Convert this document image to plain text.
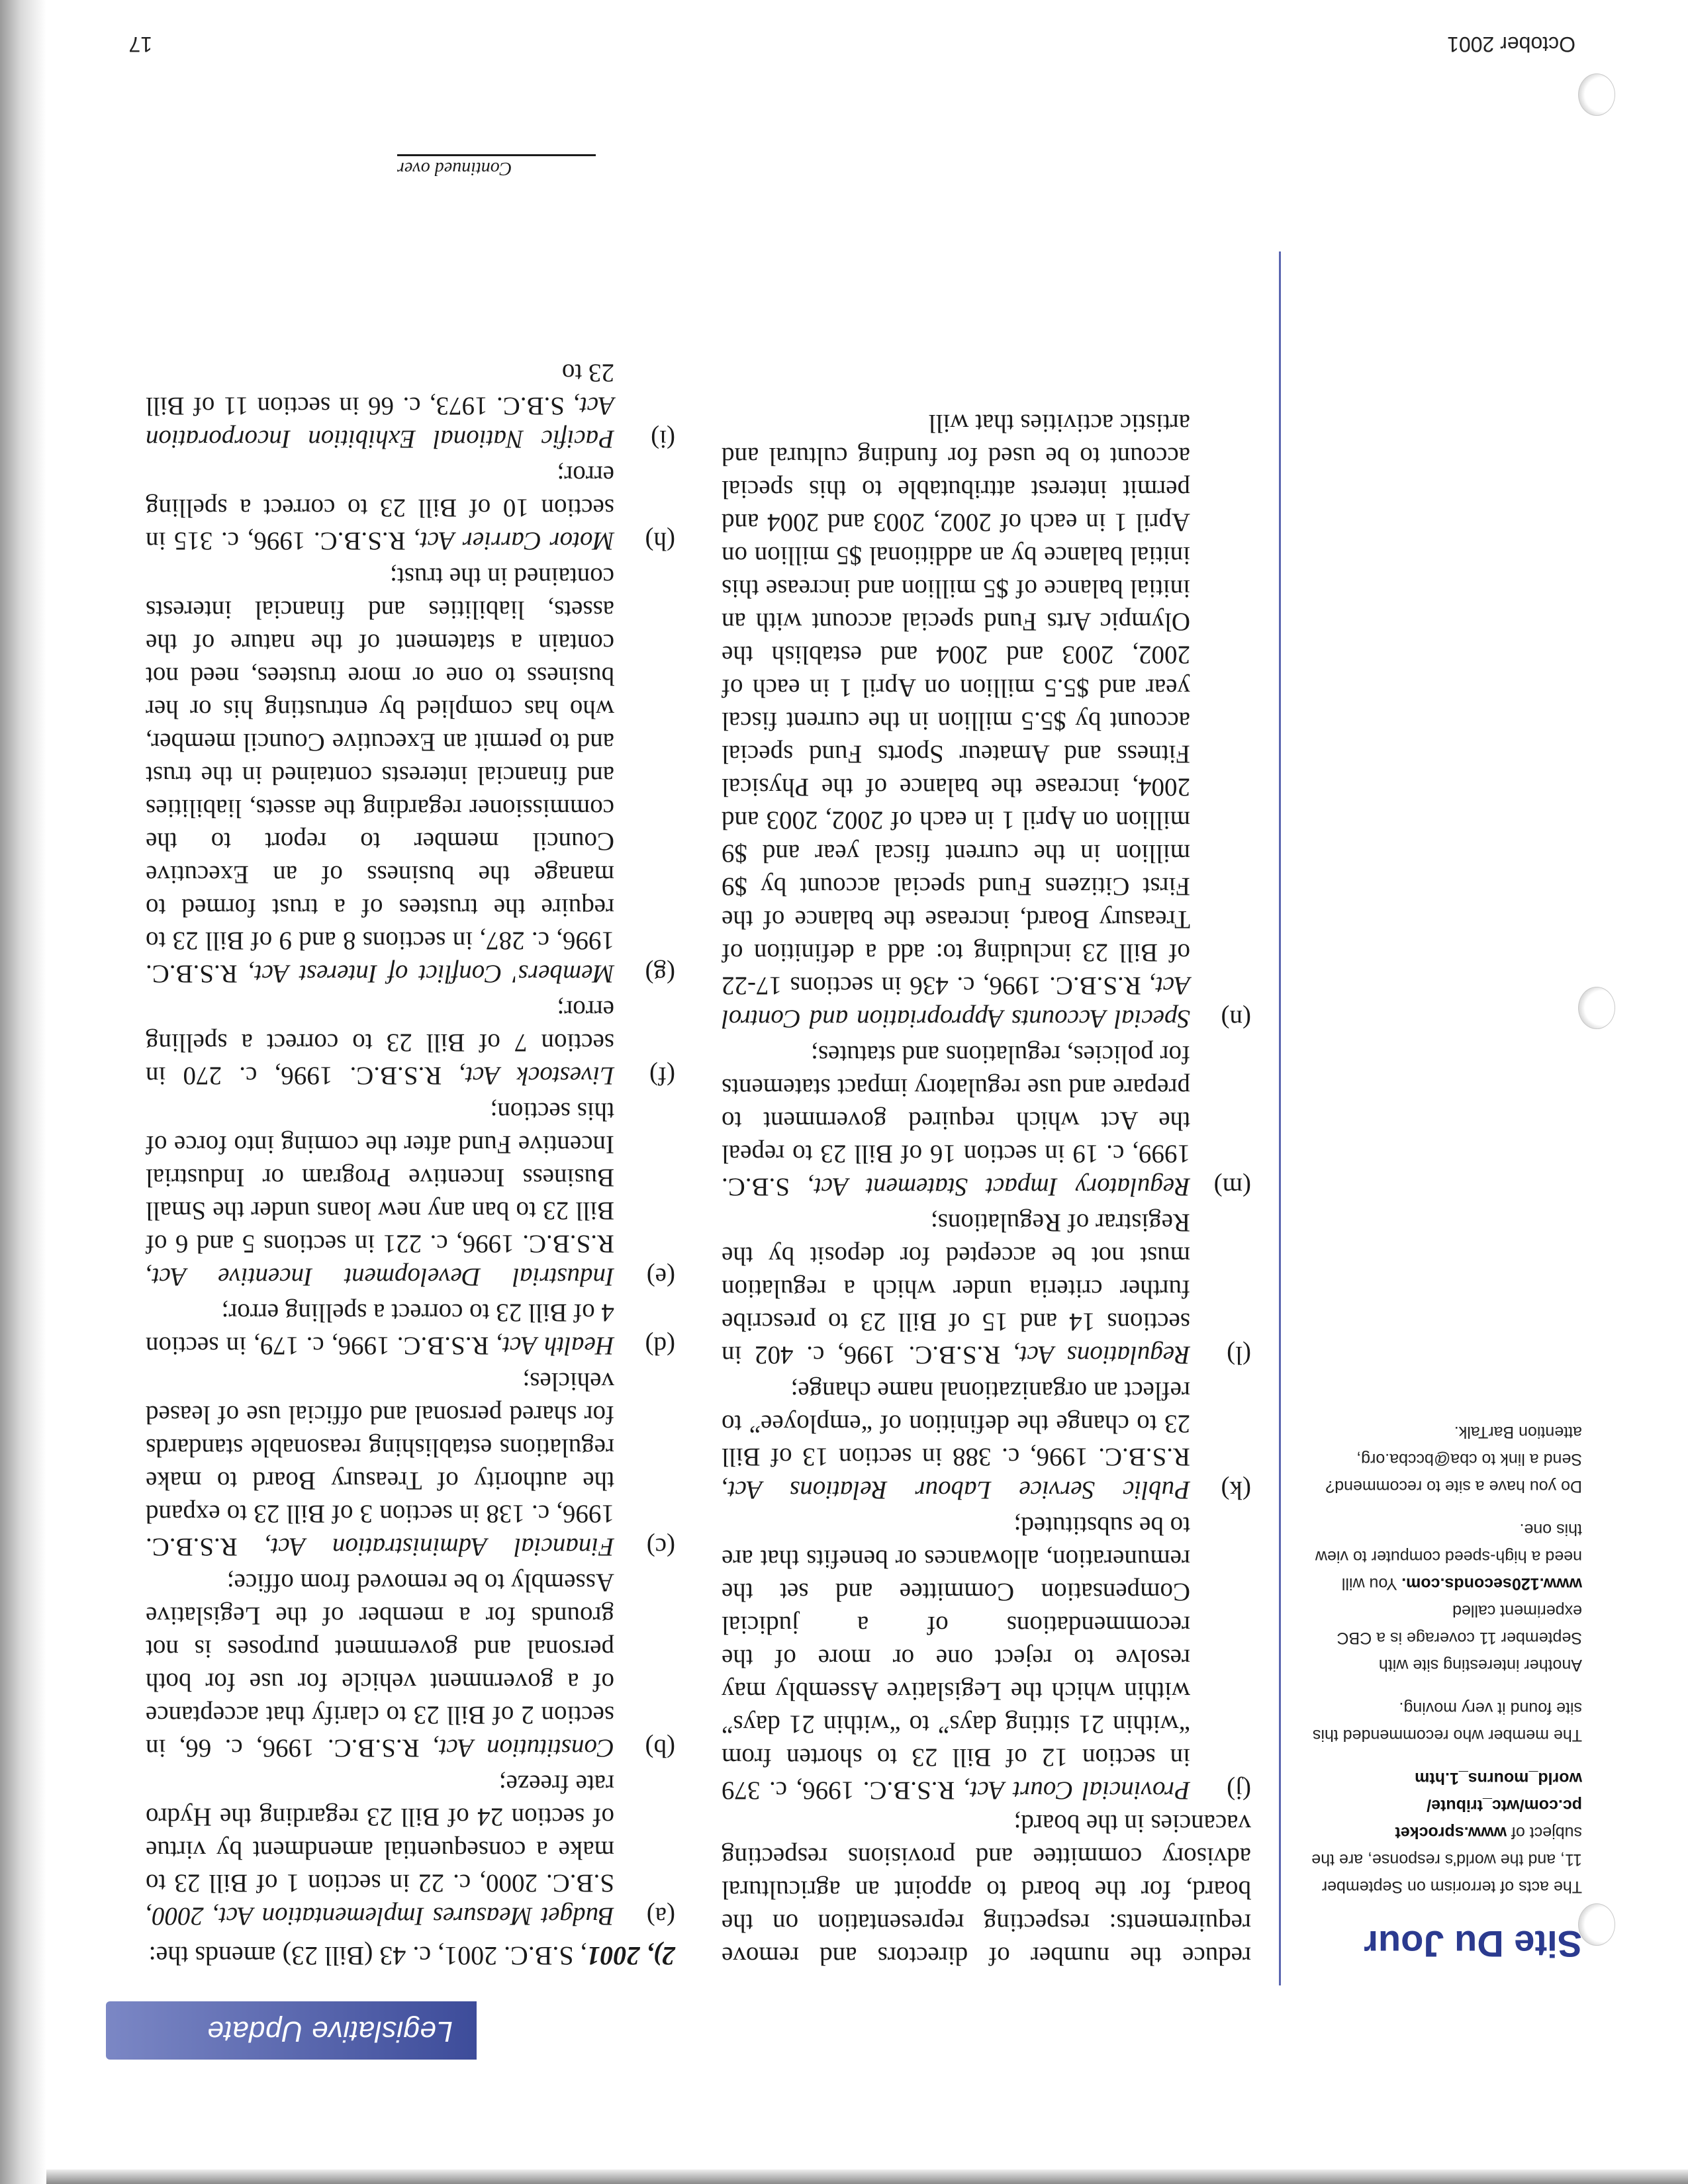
Legislative Update
2), 2001, S.B.C. 2001, c. 43 (Bill 23) amends the:
(a)
Budget Measures Implementation Act, 2000, S.B.C. 2000, c. 22 in section 1 of Bill 23 to make a consequential amendment by virtue of section 24 of Bill 23 regarding the Hydro rate freeze;
(b)
Constitution Act, R.S.B.C. 1996, c. 66, in section 2 of Bill 23 to clarify that acceptance of a government vehicle for use for both personal and government purposes is not grounds for a member of the Legislative Assembly to be removed from office;
(c)
Financial Administration Act, R.S.B.C. 1996, c. 138 in section 3 of Bill 23 to expand the authority of Treasury Board to make regulations establishing reasonable standards for shared personal and official use of leased vehicles;
(d)
Health Act, R.S.B.C. 1996, c. 179, in section 4 of Bill 23 to correct a spelling error;
(e)
Industrial Development Incentive Act, R.S.B.C. 1996, c. 221 in sections 5 and 6 of Bill 23 to ban any new loans under the Small Business Incentive Program or Industrial Incentive Fund after the coming into force of this section;
(f)
Livestock Act, R.S.B.C. 1996, c. 270 in section 7 of Bill 23 to correct a spelling error;
(g)
Members' Conflict of Interest Act, R.S.B.C. 1996, c. 287, in sections 8 and 9 of Bill 23 to require the trustees of a trust formed to manage the business of an Executive Council member to report to the commissioner regarding the assets, liabilities and financial interests contained in the trust and to permit an Executive Council member, who has complied by entrusting his or her business to one or more trustees, need not contain a statement of the nature of the assets, liabilities and financial interests contained in the trust;
(h)
Motor Carrier Act, R.S.B.C. 1996, c. 315 in section 10 of Bill 23 to correct a spelling error;
(i)
Pacific National Exhibition Incorporation Act, S.B.C. 1973, c. 66 in section 11 of Bill 23 to

reduce the number of directors and remove requirements: respecting representation on the board, for the board to appoint an agricultural advisory committee and provisions respecting vacancies in the board;

(j)
Provincial Court Act, R.S.B.C. 1996, c. 379 in section 12 of Bill 23 to shorten from “within 21 sitting days” to “within 21 days” within which the Legislative Assembly may resolve to reject one or more of the recommendations of a judicial Compensation Committee and set the remuneration, allowances or benefits that are to be substituted;
(k)
Public Service Labour Relations Act, R.S.B.C. 1996, c. 388 in section 13 of Bill 23 to change the definition of “employee” to reflect an organizational name change;
(l)
Regulations Act, R.S.B.C. 1996, c. 402 in sections 14 and 15 of Bill 23 to prescribe further criteria under which a regulation must not be accepted for deposit by the Registrar of Regulations;
(m)
Regulatory Impact Statement Act, S.B.C. 1999, c. 19 in section 16 of Bill 23 to repeal the Act which required government to prepare and use regulatory impact statements for policies, regulations and statutes;
(n)
Special Accounts Appropriation and Control Act, R.S.B.C. 1996, c. 436 in sections 17-22 of Bill 23 including to: add a definition of Treasury Board, increase the balance of the First Citizens Fund special account by $9 million in the current fiscal year and $9 million on April 1 in each of 2002, 2003 and 2004, increase the balance of the Physical Fitness and Amateur Sports Fund special account by $5.5 million in the current fiscal year and $5.5 million on April 1 in each of 2002, 2003 and 2004 and establish the Olympic Arts Fund special account with an initial balance of $5 million and increase this initial balance by an additional $5 million on April 1 in each of 2002, 2003 and 2004 and permit interest attributable to this special account to be used for funding cultural and artistic activities that will
Continued over
Site Du Jour

The acts of terrorism on September 11, and the world's response, are the subject of www.sprocket pc.com/wtc_tribute/ world_mourns_1.htm

The member who recommended this site found it very moving.

Another interesting site with September 11 coverage is a CBC experiment called www.120seconds.com. You will need a high-speed computer to view this one.

Do you have a site to recommend? Send a link to cba@bccba.org, attention BarTalk.

October 2001
17
